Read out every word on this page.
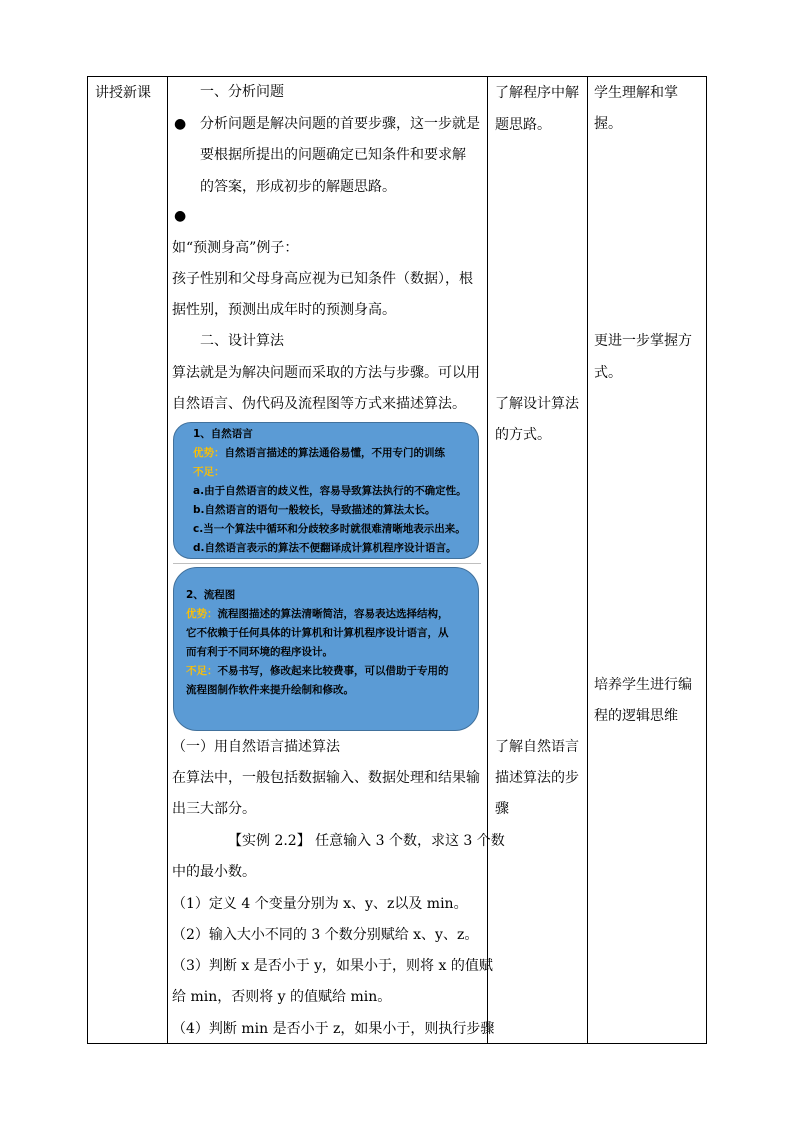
讲授新课	一、分析问题
● 分析问题是解决问题的首要步骤，这一步就是
要根据所提出的问题确定已知条件和要求解
的答案，形成初步的解题思路。
●
如“预测身高”例子：
孩子性别和父母身高应视为已知条件（数据），根
据性别，预测出成年时的预测身高。
二、设计算法
算法就是为解决问题而采取的方法与步骤。可以用
自然语言、伪代码及流程图等方式来描述算法。
1、自然语言
优势：自然语言描述的算法通俗易懂，不用专门的训练
不足：
a.由于自然语言的歧义性，容易导致算法执行的不确定性。
b.自然语言的语句一般较长，导致描述的算法太长。
c.当一个算法中循环和分歧较多时就很难清晰地表示出来。
d.自然语言表示的算法不便翻译成计算机程序设计语言。
2、流程图
优势：流程图描述的算法清晰简洁，容易表达选择结构，
它不依赖于任何具体的计算机和计算机程序设计语言，从
而有利于不同环境的程序设计。
不足：不易书写，修改起来比较费事，可以借助于专用的
流程图制作软件来提升绘制和修改。
（一）用自然语言描述算法
在算法中，一般包括数据输入、数据处理和结果输
出三大部分。
【实例 2.2】 任意输入 3 个数，求这 3 个数
中的最小数。
（1）定义 4 个变量分别为 x、y、z以及 min。
（2）输入大小不同的 3 个数分别赋给 x、y、z。
（3）判断 x 是否小于 y，如果小于，则将 x 的值赋
给 min，否则将 y 的值赋给 min。
（4）判断 min 是否小于 z，如果小于，则执行步骤
了解程序中解
题思路。
了解设计算法
的方式。
了解自然语言
描述算法的步
骤
学生理解和掌握。
更进一步掌握方
式。
培养学生进行编
程的逻辑思维
